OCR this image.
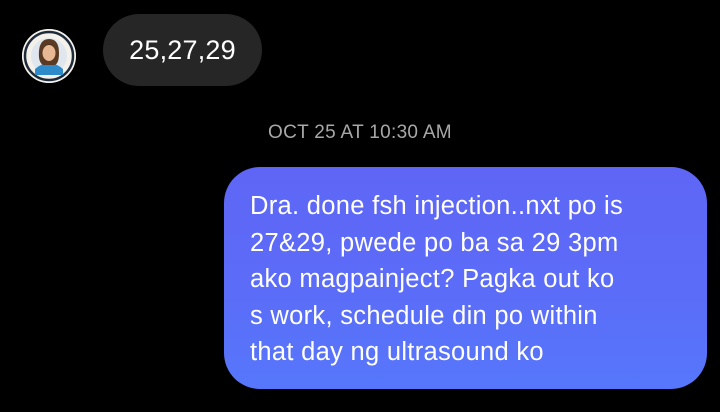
25,27,29
OCT 25 AT 10:30 AM

Dra. done fsh injection..nxt po is
27&29, pwede po ba sa 29 3pm
ako magpainject? Pagka out ko
s work, schedule din po within
that day ng ultrasound ko
